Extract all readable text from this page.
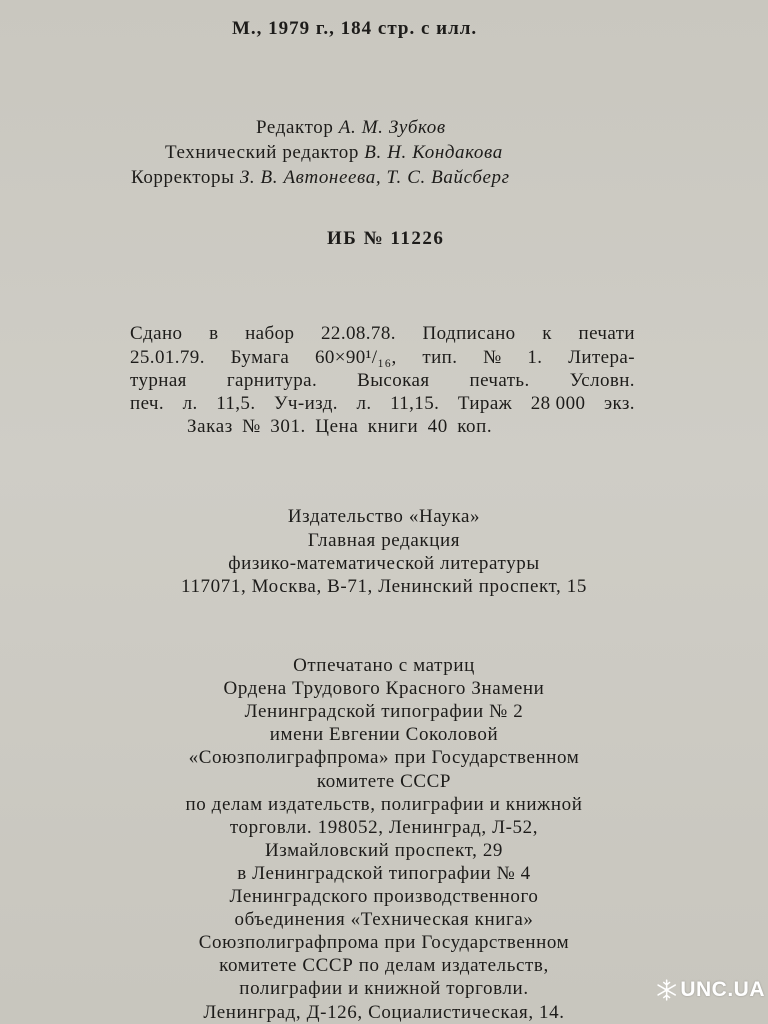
М., 1979 г., 184 стр. с илл.
Редактор А. М. Зубков
Технический редактор В. Н. Кондакова
Корректоры З. В. Автонеева, Т. С. Вайсберг
ИБ № 11226
Сдано в набор 22.08.78. Подписано к печати
25.01.79. Бумага 60×90¹/₁₆, тип. № 1. Литера-
турная гарнитура. Высокая печать. Условн.
печ. л. 11,5. Уч-изд. л. 11,15. Тираж 28 000 экз.
Заказ № 301. Цена книги 40 коп.
Издательство «Наука»
Главная редакция
физико-математической литературы
117071, Москва, В-71, Ленинский проспект, 15
Отпечатано с матриц
Ордена Трудового Красного Знамени
Ленинградской типографии № 2
имени Евгении Соколовой
«Союзполиграфпрома» при Государственном
комитете СССР
по делам издательств, полиграфии и книжной
торговли. 198052, Ленинград, Л-52,
Измайловский проспект, 29
в Ленинградской типографии № 4
Ленинградского производственного
объединения «Техническая книга»
Союзполиграфпрома при Государственном
комитете СССР по делам издательств,
полиграфии и книжной торговли.
Ленинград, Д-126, Социалистическая, 14.
UNC.UA
